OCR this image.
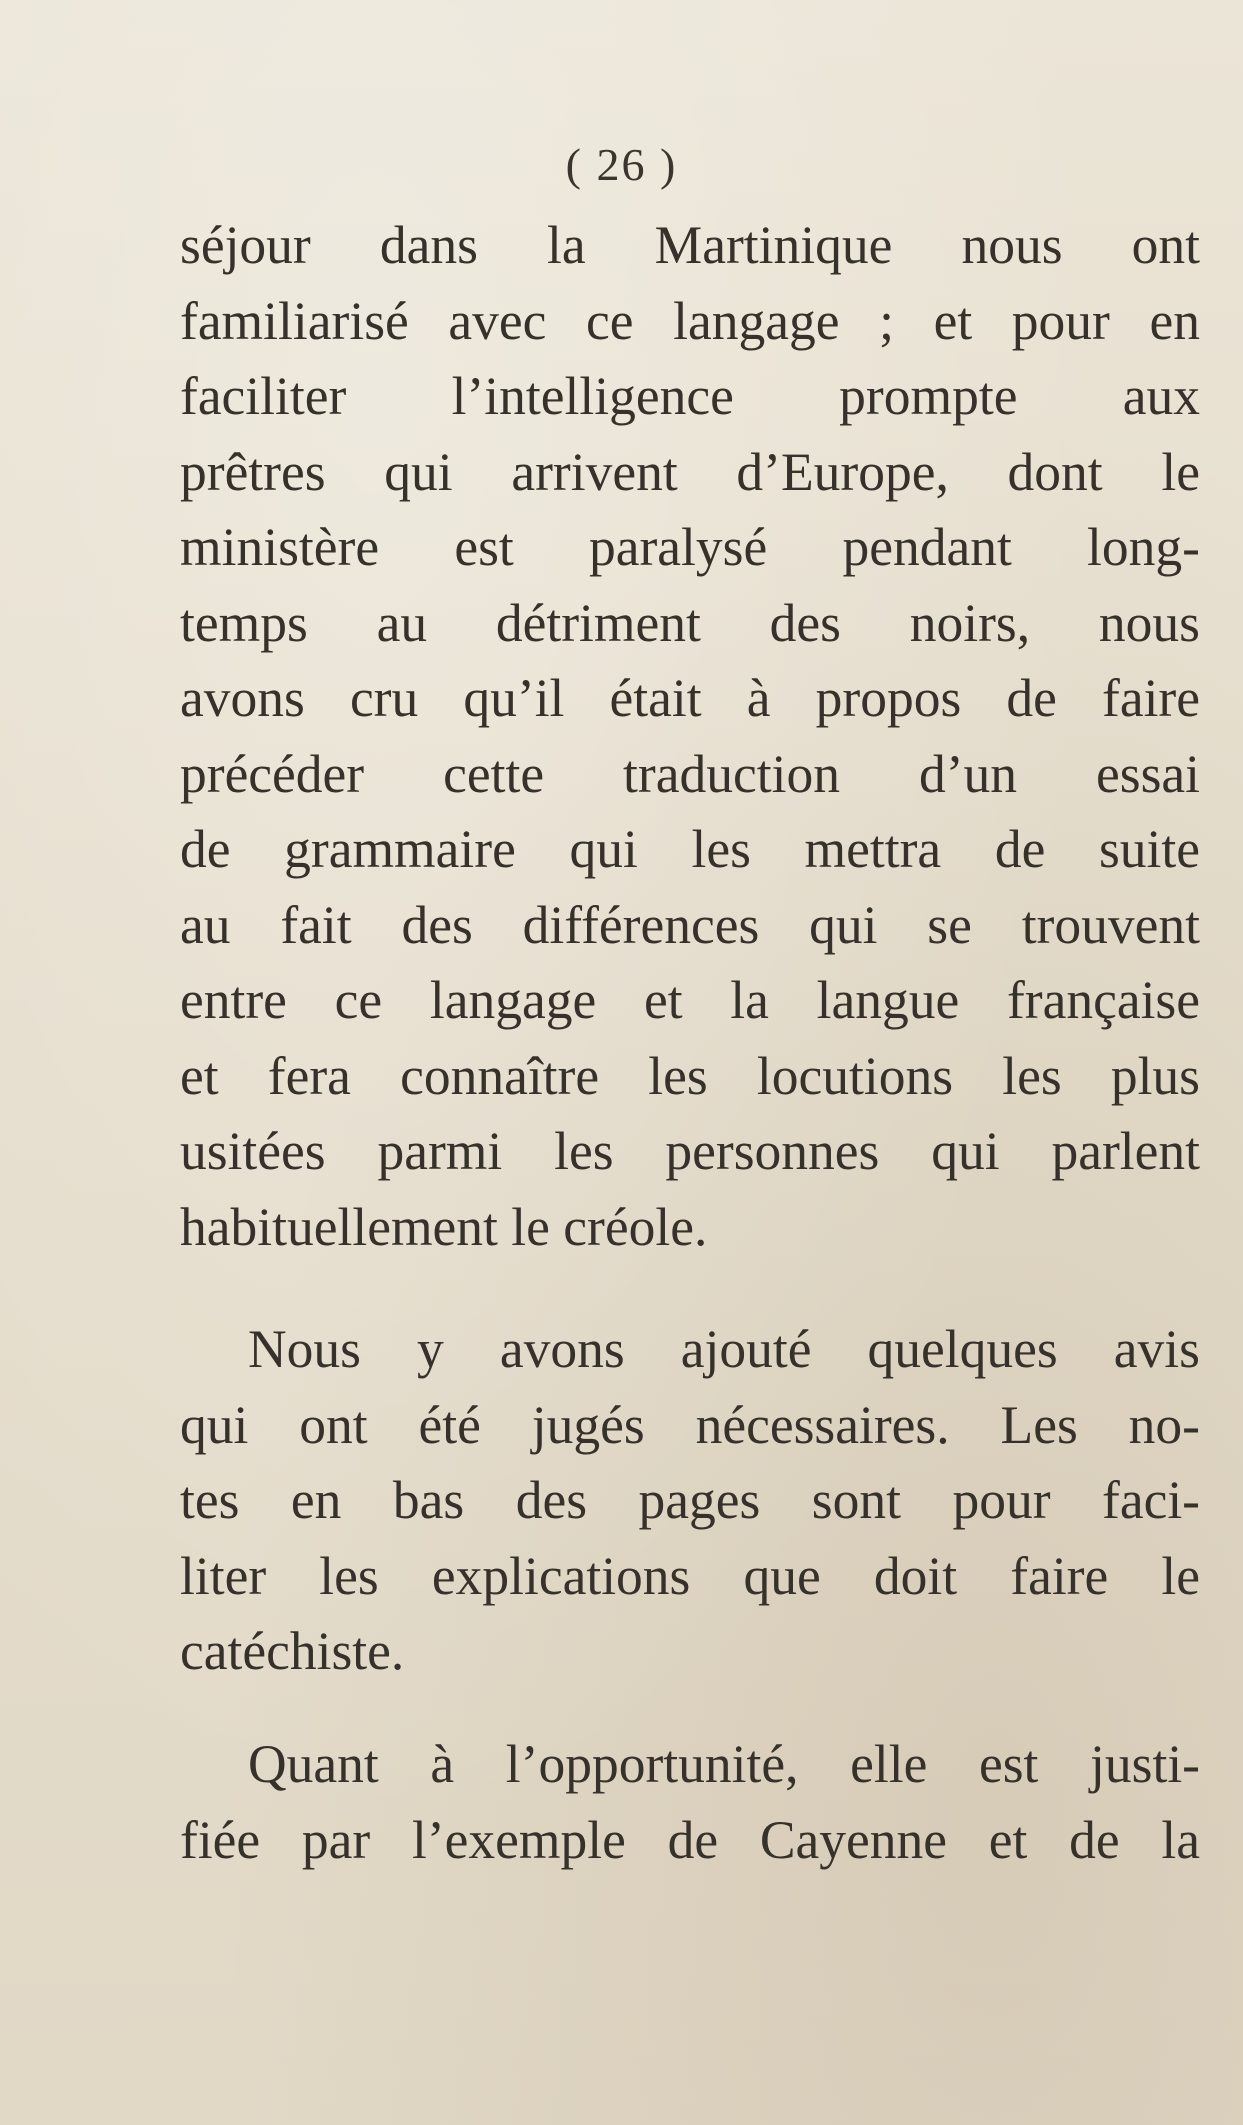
( 26 )
séjour dans la Martinique nous ont
familiarisé avec ce langage ; et pour en
faciliter l’intelligence prompte aux
prêtres qui arrivent d’Europe, dont le
ministère est paralysé pendant long-
temps au détriment des noirs, nous
avons cru qu’il était à propos de faire
précéder cette traduction d’un essai
de grammaire qui les mettra de suite
au fait des différences qui se trouvent
entre ce langage et la langue française
et fera connaître les locutions les plus
usitées parmi les personnes qui parlent
habituellement le créole.
Nous y avons ajouté quelques avis
qui ont été jugés nécessaires. Les no-
tes en bas des pages sont pour faci-
liter les explications que doit faire le
catéchiste.
Quant à l’opportunité, elle est justi-
fiée par l’exemple de Cayenne et de la
